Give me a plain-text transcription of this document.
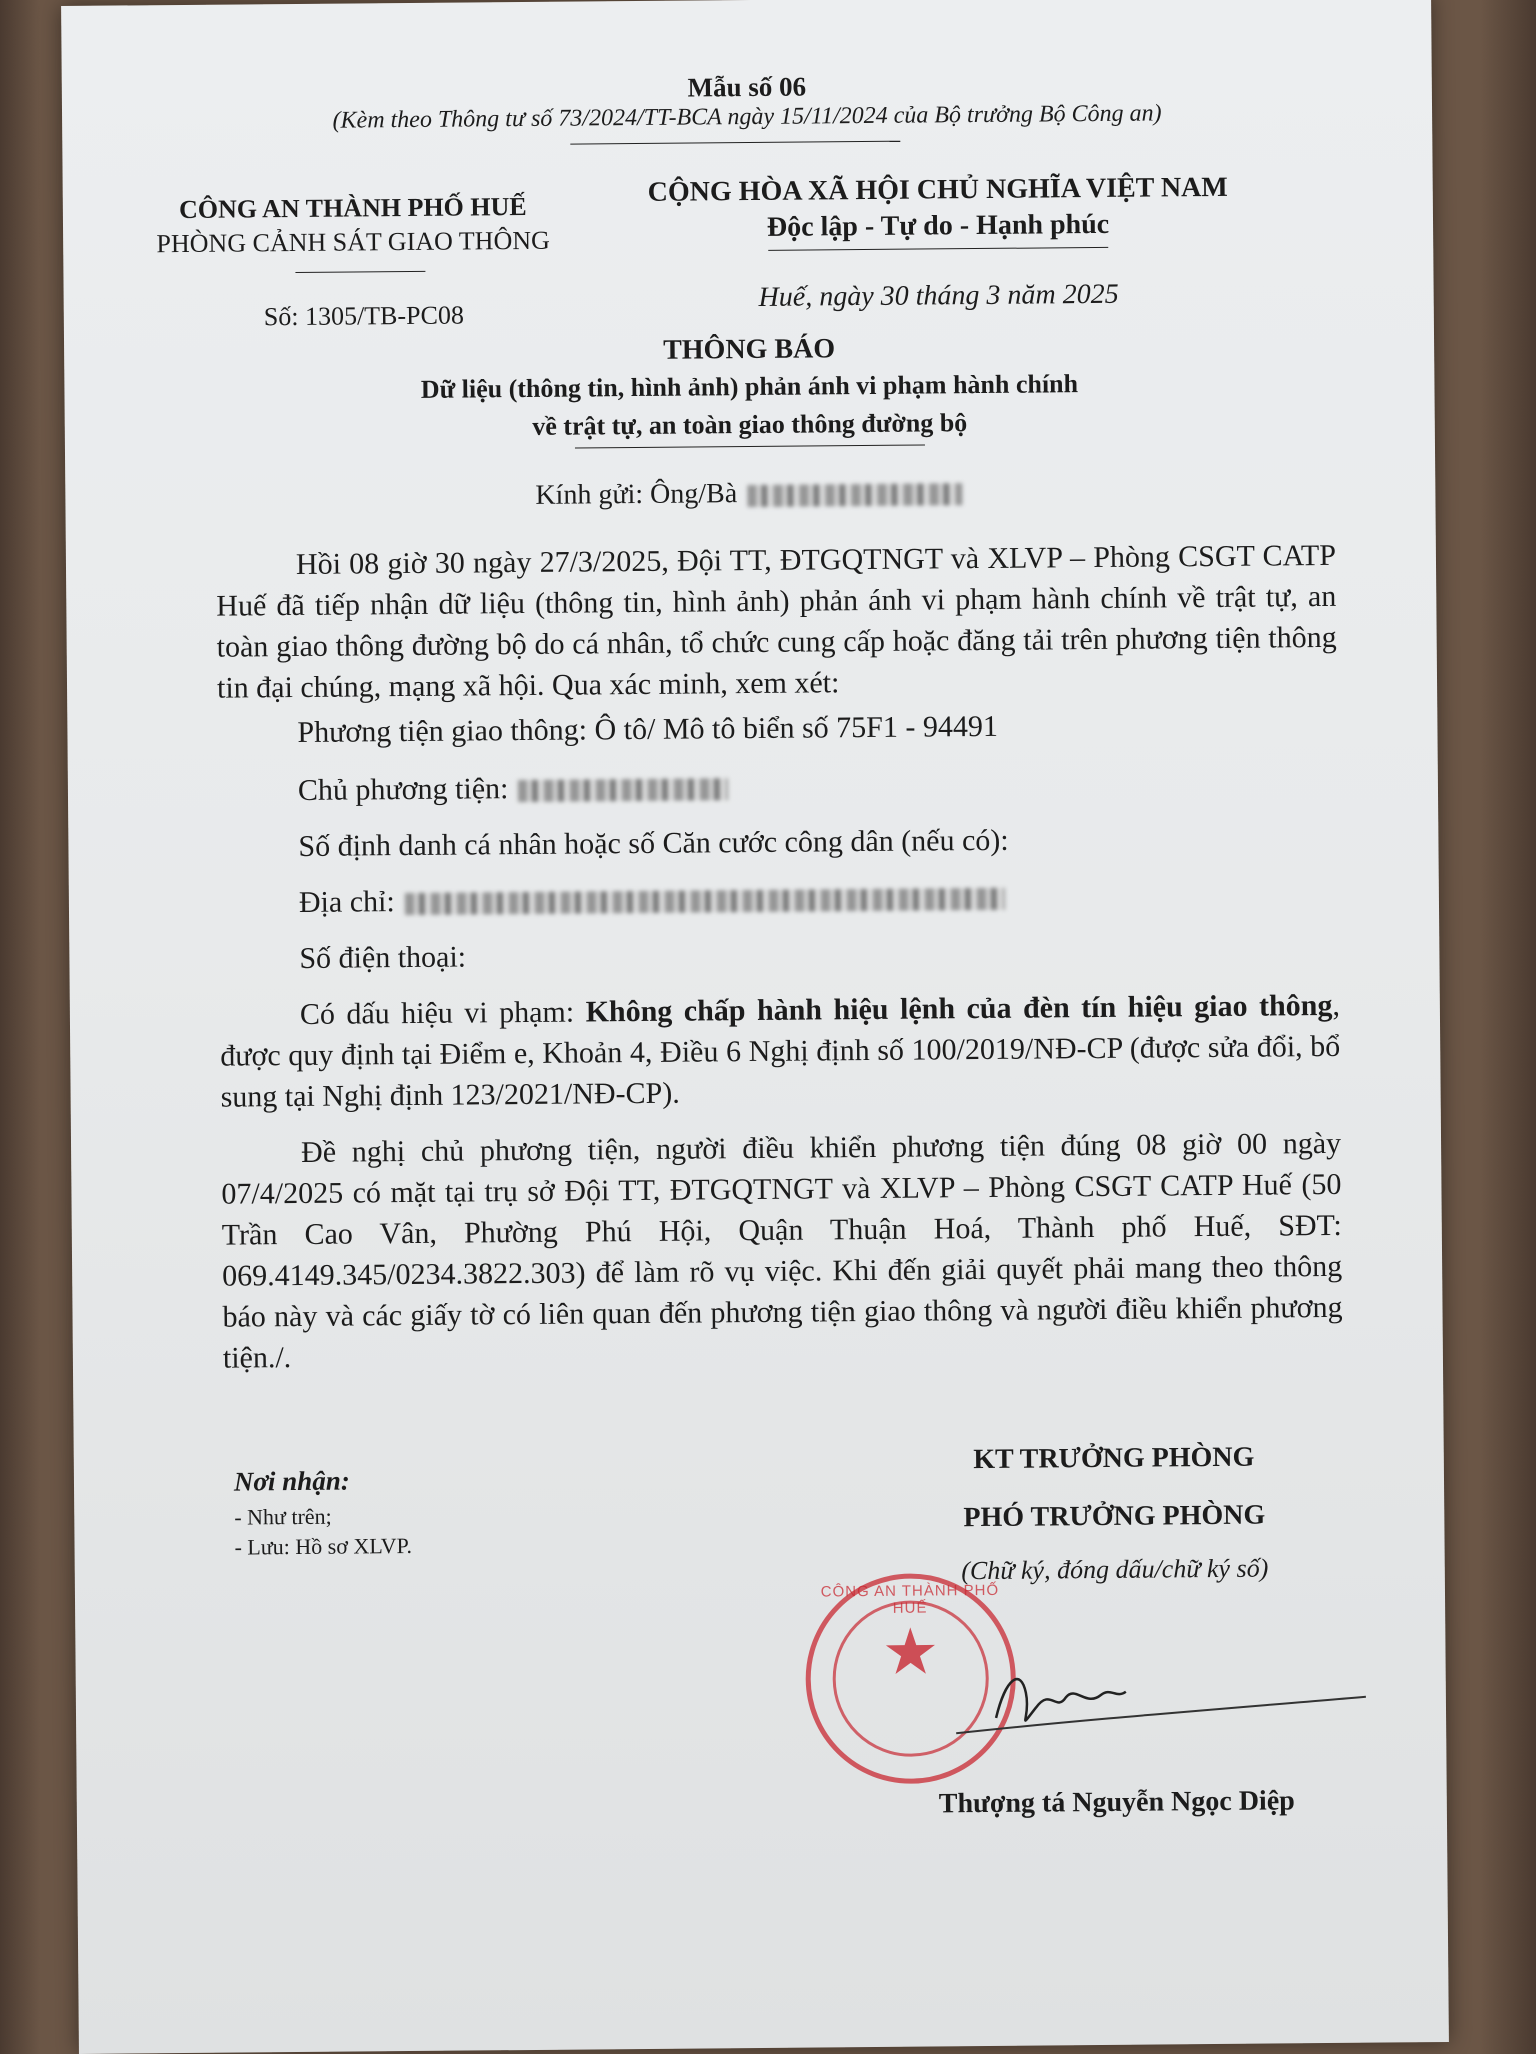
Mẫu số 06
(Kèm theo Thông tư số 73/2024/TT-BCA ngày 15/11/2024 của Bộ trưởng Bộ Công an)
CÔNG AN THÀNH PHỐ HUẾ
PHÒNG CẢNH SÁT GIAO THÔNG
Số: 1305/TB-PC08
CỘNG HÒA XÃ HỘI CHỦ NGHĨA VIỆT NAM
Độc lập - Tự do - Hạnh phúc
Huế, ngày 30 tháng 3 năm 2025
THÔNG BÁO
Dữ liệu (thông tin, hình ảnh) phản ánh vi phạm hành chính
về trật tự, an toàn giao thông đường bộ
Kính gửi: Ông/Bà
Hồi 08 giờ 30 ngày 27/3/2025, Đội TT, ĐTGQTNGT và XLVP – Phòng CSGT CATP Huế đã tiếp nhận dữ liệu (thông tin, hình ảnh) phản ánh vi phạm hành chính về trật tự, an toàn giao thông đường bộ do cá nhân, tổ chức cung cấp hoặc đăng tải trên phương tiện thông tin đại chúng, mạng xã hội. Qua xác minh, xem xét:
Phương tiện giao thông: Ô tô/ Mô tô biển số 75F1 - 94491
Chủ phương tiện:
Số định danh cá nhân hoặc số Căn cước công dân (nếu có):
Địa chỉ:
Số điện thoại:
Có dấu hiệu vi phạm: Không chấp hành hiệu lệnh của đèn tín hiệu giao thông, được quy định tại Điểm e, Khoản 4, Điều 6 Nghị định số 100/2019/NĐ-CP (được sửa đổi, bổ sung tại Nghị định 123/2021/NĐ-CP).
Đề nghị chủ phương tiện, người điều khiển phương tiện đúng 08 giờ 00 ngày 07/4/2025 có mặt tại trụ sở Đội TT, ĐTGQTNGT và XLVP – Phòng CSGT CATP Huế (50 Trần Cao Vân, Phường Phú Hội, Quận Thuận Hoá, Thành phố Huế, SĐT: 069.4149.345/0234.3822.303) để làm rõ vụ việc. Khi đến giải quyết phải mang theo thông báo này và các giấy tờ có liên quan đến phương tiện giao thông và người điều khiển phương tiện./.
Nơi nhận:
- Như trên;
- Lưu: Hồ sơ XLVP.
KT TRƯỞNG PHÒNG
PHÓ TRƯỞNG PHÒNG
(Chữ ký, đóng dấu/chữ ký số)
CÔNG AN THÀNH PHỐ HUẾ
★
Thượng tá Nguyễn Ngọc Diệp
